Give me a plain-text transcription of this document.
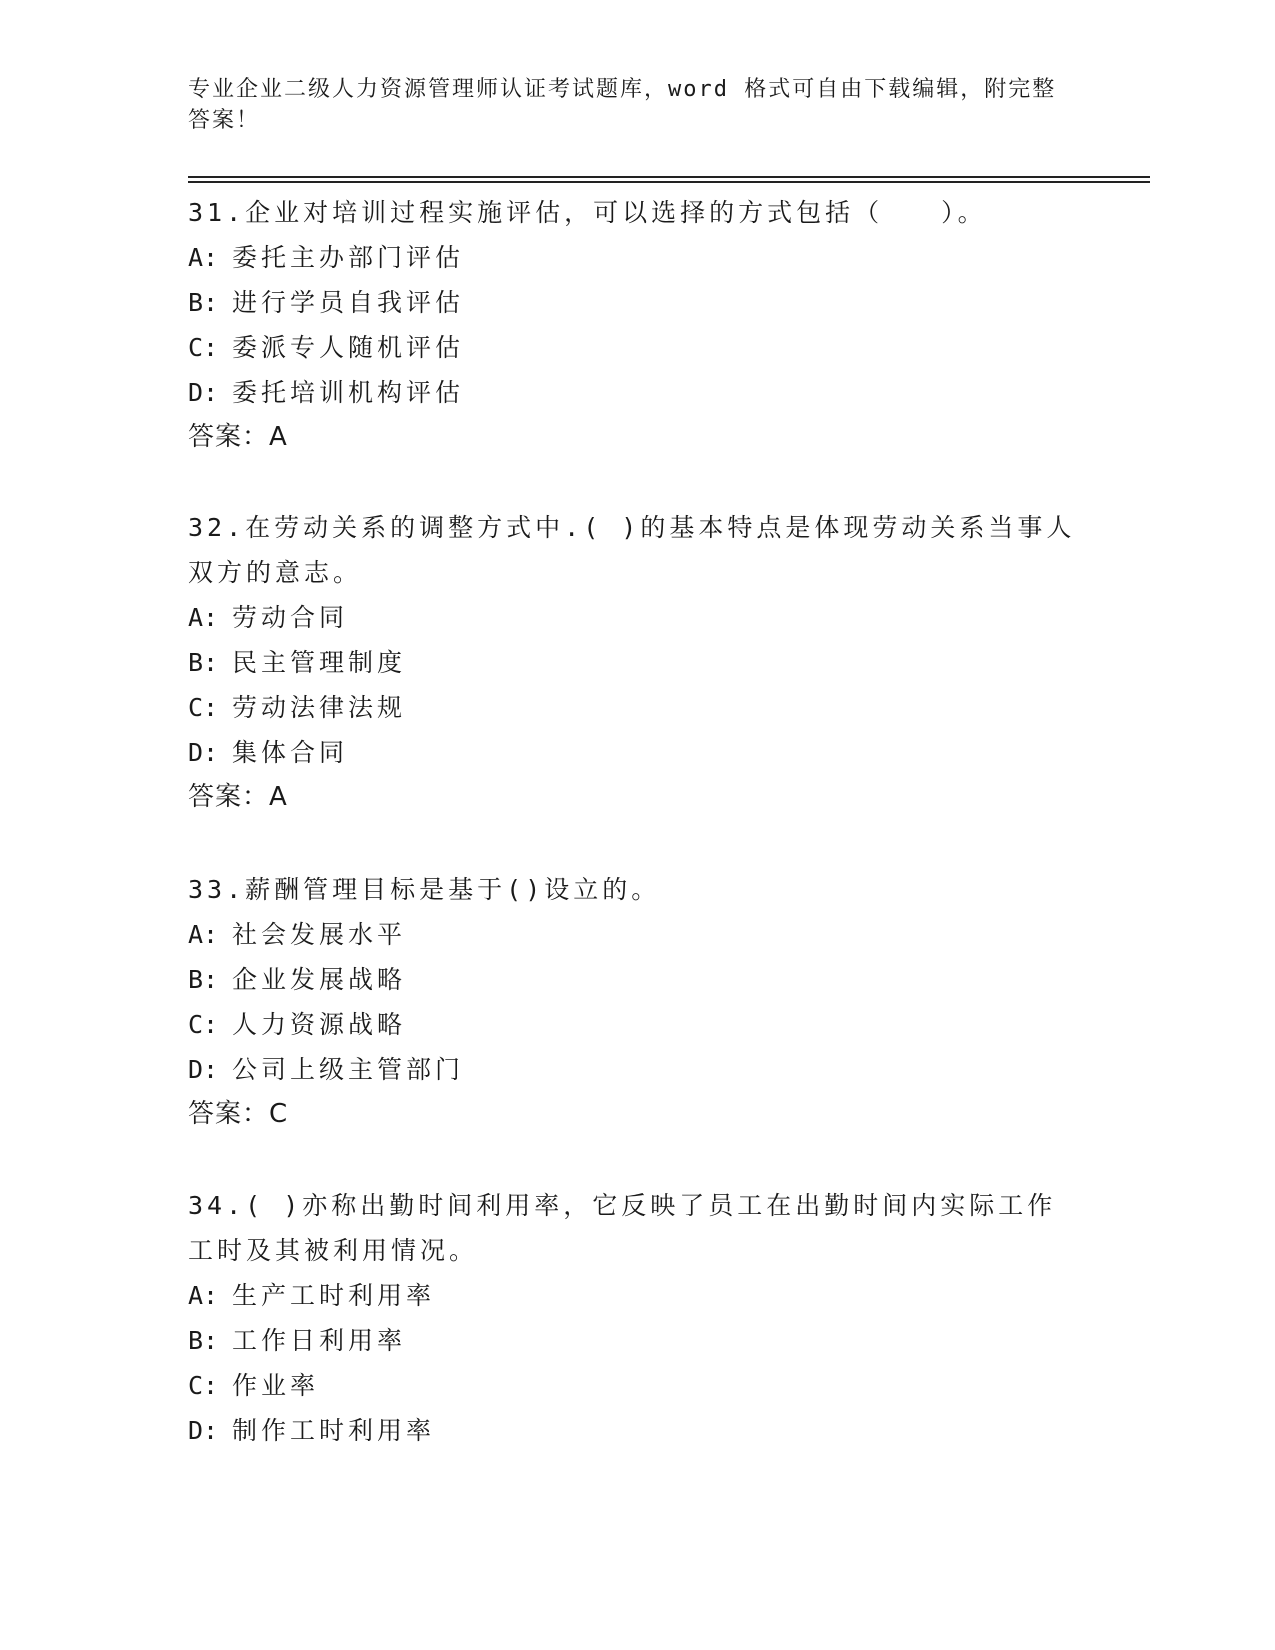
专业企业二级人力资源管理师认证考试题库，word 格式可自由下载编辑，附完整答案！

31.企业对培训过程实施评估，可以选择的方式包括（　　）。

A: 委托主办部门评估

B: 进行学员自我评估

C: 委派专人随机评估

D: 委托培训机构评估

答案：A

32.在劳动关系的调整方式中.( )的基本特点是体现劳动关系当事人双方的意志。

A: 劳动合同

B: 民主管理制度

C: 劳动法律法规

D: 集体合同

答案：A

33.薪酬管理目标是基于()设立的。

A: 社会发展水平

B: 企业发展战略

C: 人力资源战略

D: 公司上级主管部门

答案：C

34.( )亦称出勤时间利用率，它反映了员工在出勤时间内实际工作工时及其被利用情况。

A: 生产工时利用率

B: 工作日利用率

C: 作业率

D: 制作工时利用率
